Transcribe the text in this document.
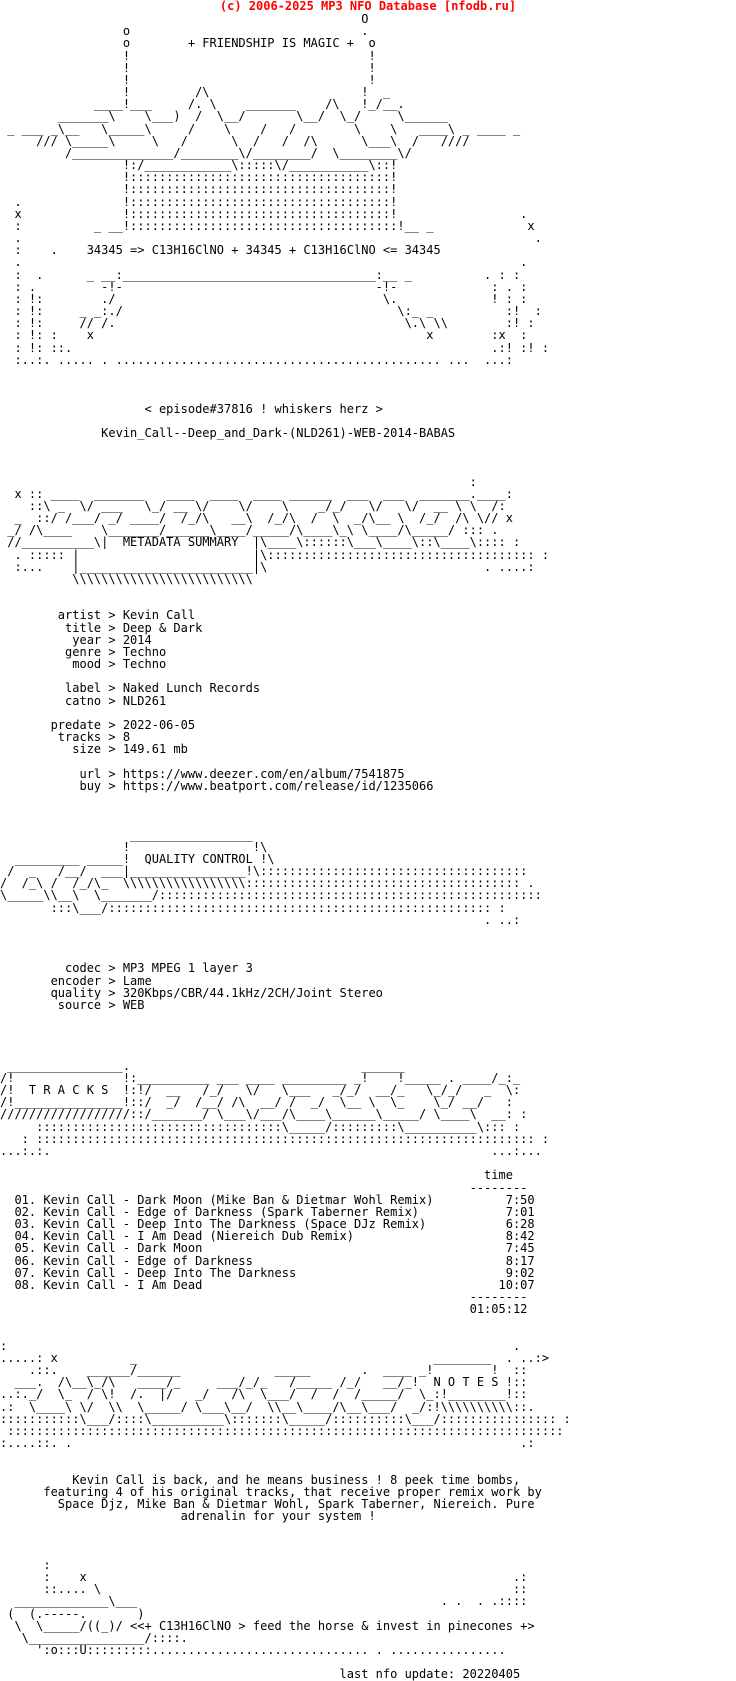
(c) 2006-2025 MP3 NFO Database [nfodb.ru]
O
o                                .
o        + FRIENDSHIP IS MAGIC +  o
!                                 !
!                                 !
!                                 !
!         /\                     !  _
____!___     /. \    _______    /\   !_/__.
_______\    \___)  /  \__/       \__/  \_/     \______
_ ___ _\__   \_____\     /    \    /   /        \    \   ____\ _ ____ _
/// \_____\     \   /      \  /   /  /\      \___\  /   ////
/______________/________\/________/  \________\/
!:/____________\:::::\/___________\::!
!::::::::::::::::::::::::::::::::::::!
!::::::::::::::::::::::::::::::::::::!
.              !::::::::::::::::::::::::::::::::::::!
x              !::::::::::::::::::::::::::::::::::::!                 .
:          _ __!:::::::::::::::::::::::::::::::::::::!__ _             x
.                                                                       .
:    .    34345 => C13H16ClNO + 34345 + C13H16ClNO <= 34345
.                                                                     .
:  .      _ __:___________________________________:__ _          . : :
: .         -!-                                   -!-             : . :
: !:        ./                                     \.             ! : :
: !:     _ _:./                                      \:_ _          :!  :
: !:     // /.                                        \.\ \\        :! :
: !: :    x                                              x        :x  :
: !: ::.                                                          .:! :! :
:..:. ..... . ............................................. ...  ...:
< episode#37816 ! whiskers herz >
Kevin_Call--Deep_and_Dark-(NLD261)-WEB-2014-BABAS
:
x :: ____  _______   ____  ____  ____ ______  ___  ___  _______.____:
::\ _  \/ ___   \_/ __ \/    \/    \    _/_/   \/   \/  __ \ \  /:
_  ::/ /___/ _/ ____/  /_/\   __\  /_/\  /  \  _/\__ \  /_/  /\ \// x
_/ /\____    \_______/______\____/_____/\____\_\ \____/\_____/ ::: .
//__________\|  METADATA SUMMARY  |\____\::::::\___\____\::\____\:::: :
. ::::: |                        |\::::::::::::::::::::::::::::::::::::: :
:...    |________________________|\                              . ....:
\\\\\\\\\\\\\\\\\\\\\\\\\
artist > Kevin Call
title > Deep & Dark
year > 2014
genre > Techno
mood > Techno
label > Naked Lunch Records
catno > NLD261
predate > 2022-06-05
tracks > 8
size > 149.61 mb
url > https://www.deezer.com/en/album/7541875
buy > https://www.beatport.com/release/id/1235066
_________________
!                 !\
_________ _____!  QUALITY CONTROL !\
/  _   /__/  ___|________________!\:::::::::::::::::::::::::::::::::::::
/  /_\ /  /_/\_  \\\\\\\\\\\\\\\\\:::::::::::::::::::::::::::::::::::::: .
\_____\\__\  \_______/:::::::::::::::::::::::::::::::::::::::::::::::::::::
:::\___/::::::::::::::::::::::::::::::::::::::::::::::::::::: :
. ..:
codec > MP3 MPEG 1 layer 3
encoder > Lame
quality > 320Kbps/CBR/44.1kHz/2CH/Joint Stereo
source > WEB
________________.                                ______
/!               !:__________ ___ ____ _________ _!    !_____ . ____/_:_
/!  T R A C K S  !:!/  __   /_/   \/   \___   _/_/  __/_   \_/_/   _  \:
/!_______________!::/  _/  /__/ /\  __/ /  _/  \__ \  \_    \_/ __/   :
//////////////////::/_______/ \___\/___/\____\______\_____/ \____\  __: :
::::::::::::::::::::::::::::::::::\_____/:::::::::\__________\::: :
: ::::::::::::::::::::::::::::::::::::::::::::::::::::::::::::::::::::: :
...:.:.                                                             ...:...
time
--------
01. Kevin Call - Dark Moon (Mike Ban & Dietmar Wohl Remix)          7:50
02. Kevin Call - Edge of Darkness (Spark Taberner Remix)            7:01
03. Kevin Call - Deep Into The Darkness (Space DJz Remix)           6:28
04. Kevin Call - I Am Dead (Niereich Dub Remix)                     8:42
05. Kevin Call - Dark Moon                                          7:45
06. Kevin Call - Edge of Darkness                                   8:17
07. Kevin Call - Deep Into The Darkness                             9:02
08. Kevin Call - I Am Dead                                         10:07
--------
01:05:12
:                                                                      .
.....: x          _                                         ________  . ..:>
.::.    ______/______             _____       .  ____ _!        !  ::
___.  /\__\_/\   ____/_     ___/_/_   /_____ /_/   __/_!  N O T E S !::
..:._/  \_  / \!  /.  |/   _/   /\  \___/  /  /  /_____/  \_:!________!::
.:  \____\ \/  \\  \_____/ \___\__/  \\__\____/\__\___/  _/:!\\\\\\\\\\::.
:::::::::::\___/::::\__________\:::::::\_____/::::::::::\___/:::::::::::::::: :
:::::::::::::::::::::::::::::::::::::::::::::::::::::::::::::::::::::::::::::
:....::. .                                                              .:
Kevin Call is back, and he means business ! 8 peek time bombs,
featuring 4 of his original tracks, that receive proper remix work by
Space Djz, Mike Ban & Dietmar Wohl, Spark Taberner, Niereich. Pure
adrenalin for your system !
:
:    x                                                           .:
::.... \                                                         ::
_____________\___                                          . .  . .::::
(  (.-----.       )
\  \_____/((_)/ <<+ C13H16ClNO > feed the horse & invest in pinecones +>
\________________/::::.
':o:::U:::::::::.............................. . ................
last nfo update: 20220405
